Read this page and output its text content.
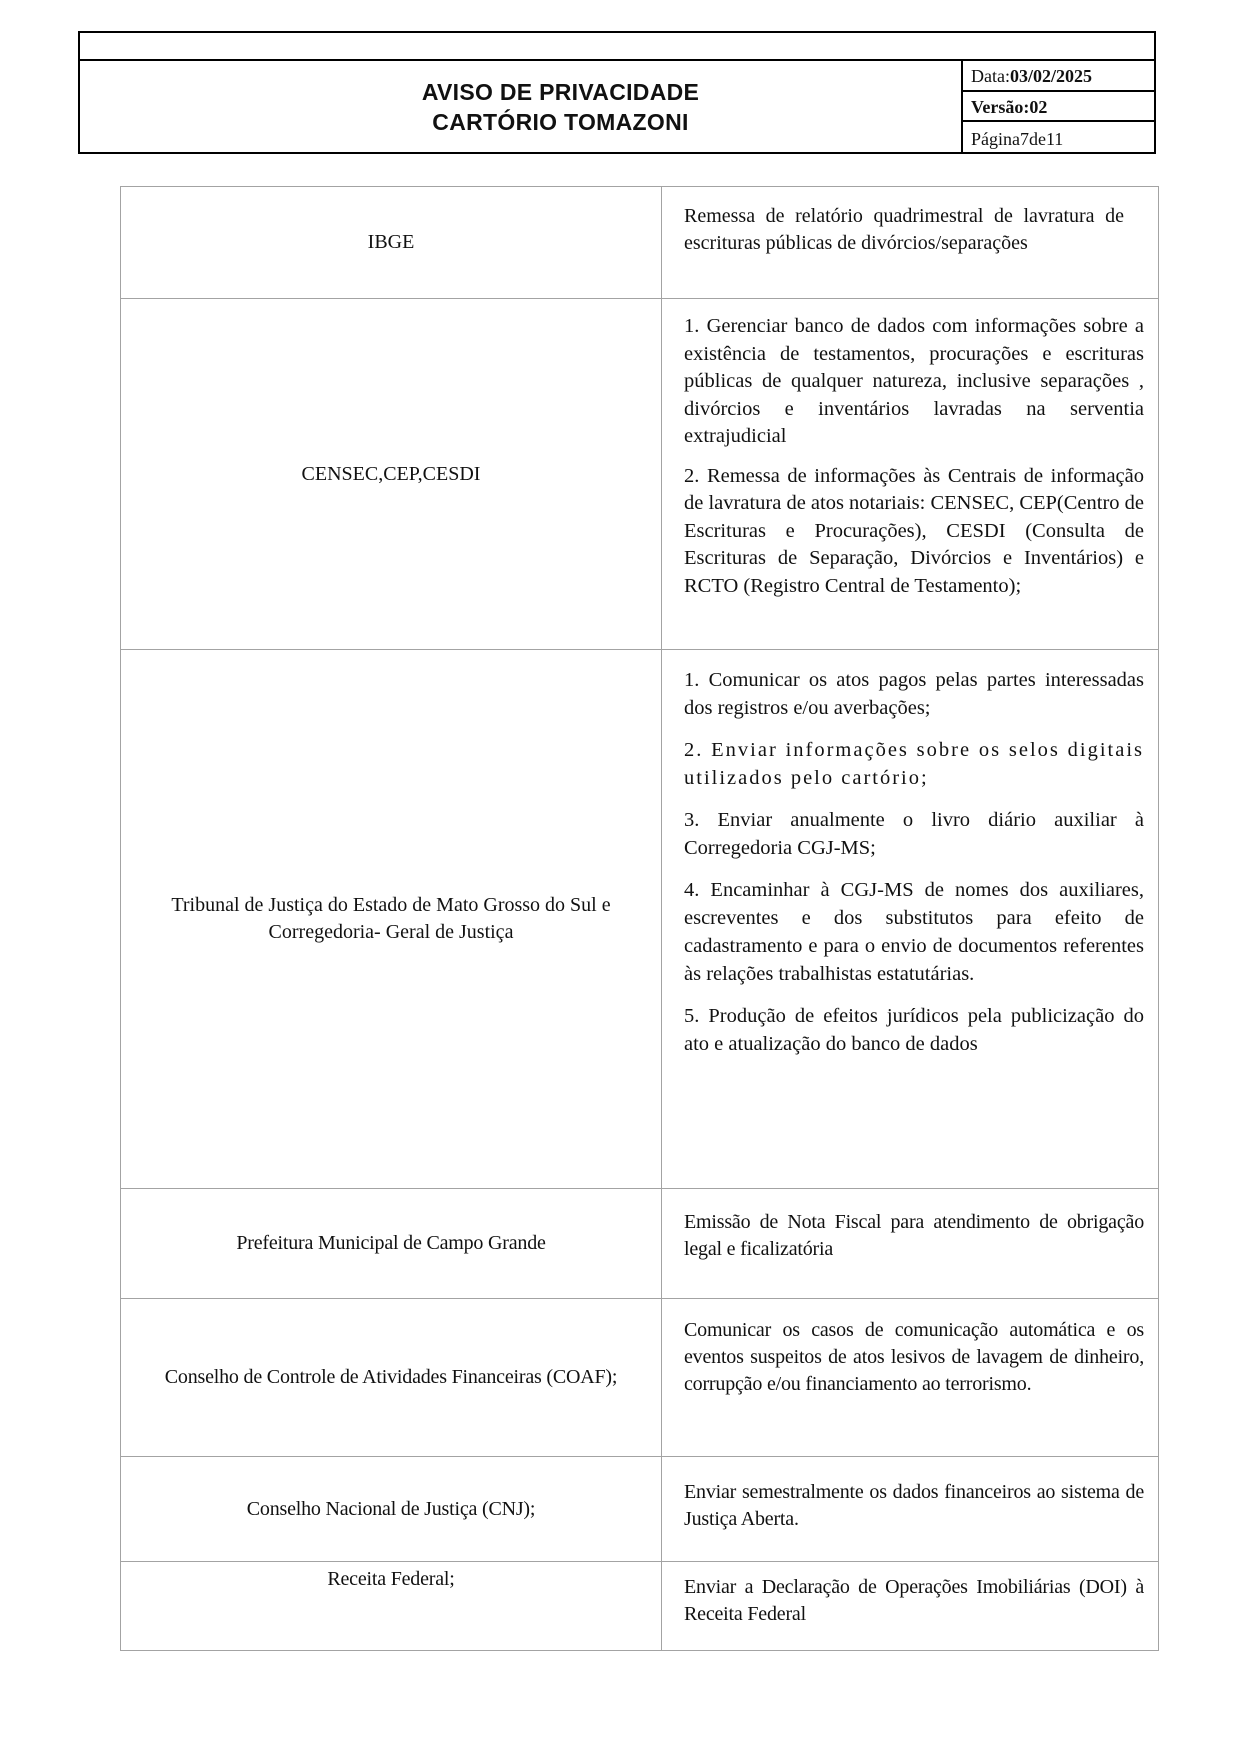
AVISO DE PRIVACIDADE
CARTÓRIO TOMAZONI
Data:03/02/2025
Versão:02
Página7de11
IBGE

Remessa de relatório quadrimestral de lavratura de escrituras públicas de divórcios/separações

CENSEC,CEP,CESDI

1. Gerenciar banco de dados com informações sobre a existência de testamentos, procurações e escrituras públicas de qualquer natureza, inclusive separações , divórcios e inventários lavradas na serventia extrajudicial

2. Remessa de informações às Centrais de informação de lavratura de atos notariais: CENSEC, CEP(Centro de Escrituras e Procurações), CESDI (Consulta de Escrituras de Separação, Divórcios e Inventários) e RCTO (Registro Central de Testamento);

Tribunal de Justiça do Estado de Mato Grosso do Sul e Corregedoria- Geral de Justiça

1. Comunicar os atos pagos pelas partes interessadas dos registros e/ou averbações;

2. Enviar informações sobre os selos digitais utilizados pelo cartório;

3. Enviar anualmente o livro diário auxiliar à Corregedoria CGJ-MS;

4. Encaminhar à CGJ-MS de nomes dos auxiliares, escreventes e dos substitutos para efeito de cadastramento e para o envio de documentos referentes às relações trabalhistas estatutárias.

5. Produção de efeitos jurídicos pela publicização do ato e atualização do banco de dados

Prefeitura Municipal de Campo Grande

Emissão de Nota Fiscal para atendimento de obrigação legal e ficalizatória

Conselho de Controle de Atividades Financeiras (COAF);

Comunicar os casos de comunicação automática e os eventos suspeitos de atos lesivos de lavagem de dinheiro, corrupção e/ou financiamento ao terrorismo.

Conselho Nacional de Justiça (CNJ);

Enviar semestralmente os dados financeiros ao sistema de Justiça Aberta.

Receita Federal;	Enviar a Declaração de Operações Imobiliárias (DOI) à Receita Federal
